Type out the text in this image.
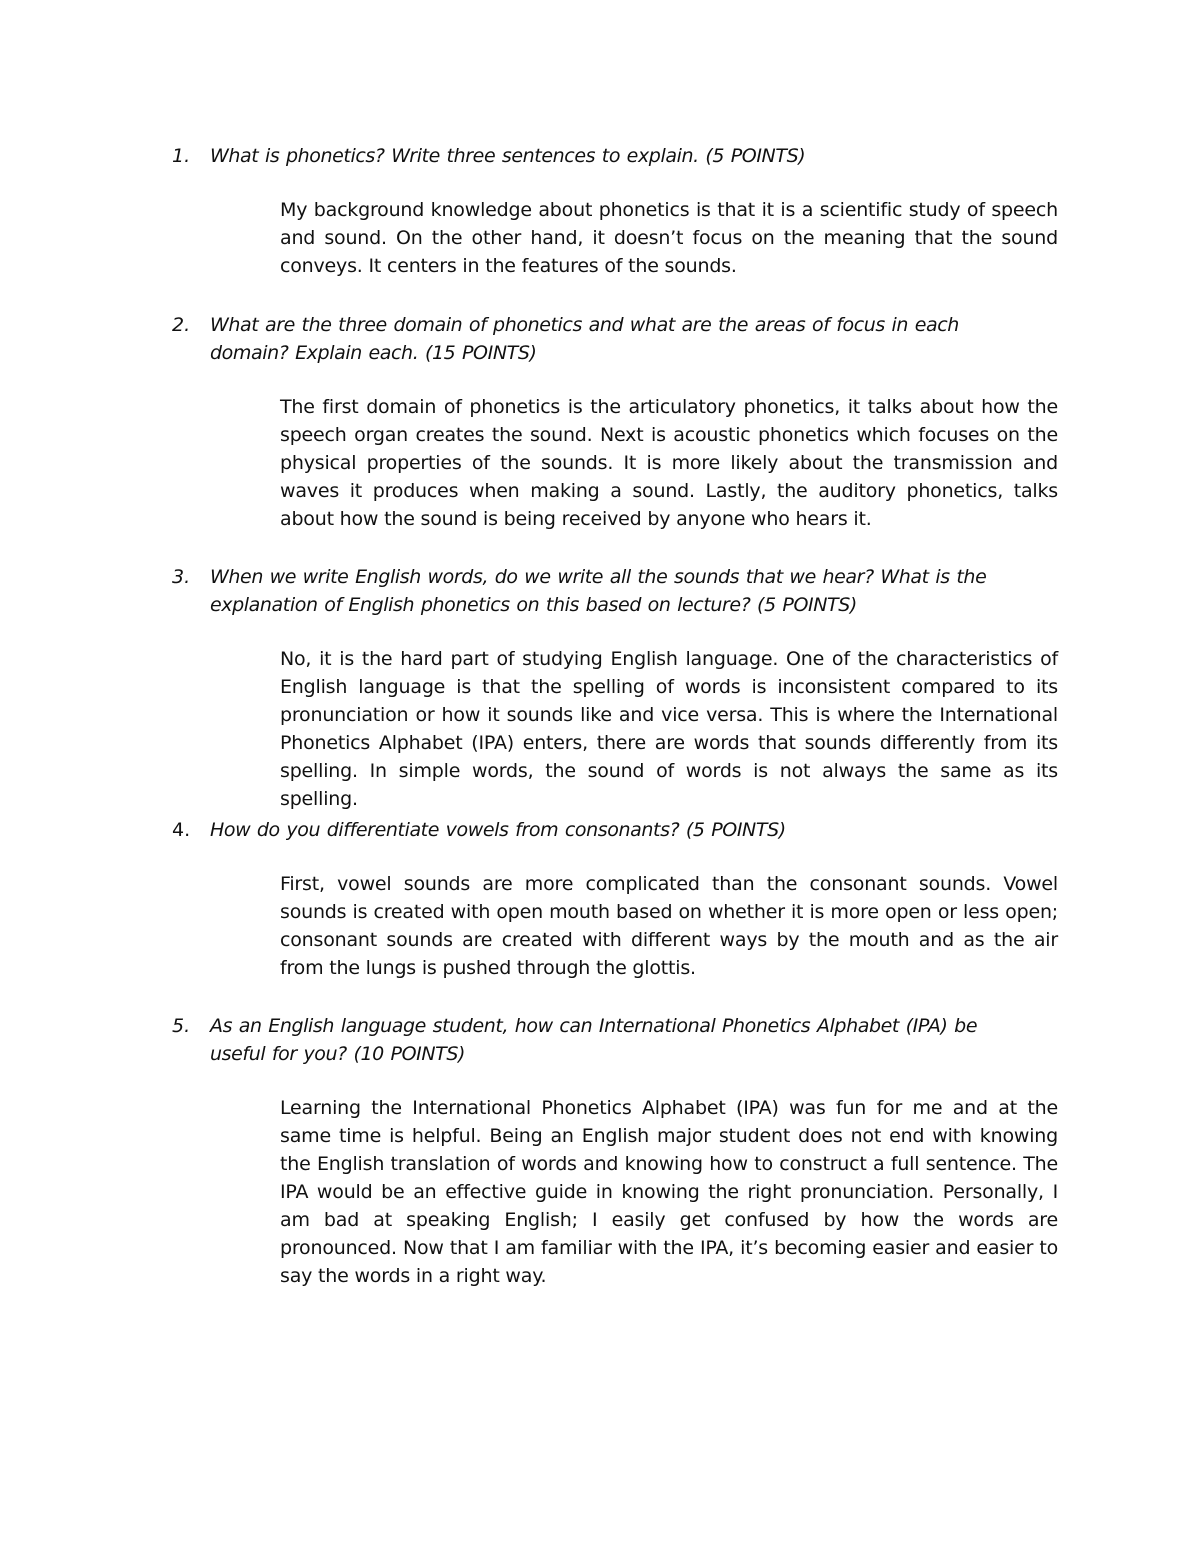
1.	What is phonetics? Write three sentences to explain. (5 POINTS)
My background knowledge about phonetics is that it is a scientific study of speech and sound. On the other hand, it doesn’t focus on the meaning that the sound conveys. It centers in the features of the sounds.
2.	What are the three domain of phonetics and what are the areas of focus in each domain? Explain each. (15 POINTS)
The first domain of phonetics is the articulatory phonetics, it talks about how the speech organ creates the sound. Next is acoustic phonetics which focuses on the physical properties of the sounds. It is more likely about the transmission and waves it produces when making a sound. Lastly, the auditory phonetics, talks about how the sound is being received by anyone who hears it.
3.	When we write English words, do we write all the sounds that we hear? What is the explanation of English phonetics on this based on lecture? (5 POINTS)
No, it is the hard part of studying English language. One of the characteristics of English language is that the spelling of words is inconsistent compared to its pronunciation or how it sounds like and vice versa. This is where the International Phonetics Alphabet (IPA) enters, there are words that sounds differently from its spelling. In simple words, the sound of words is not always the same as its spelling.
4.	How do you differentiate vowels from consonants? (5 POINTS)
First, vowel sounds are more complicated than the consonant sounds. Vowel sounds is created with open mouth based on whether it is more open or less open; consonant sounds are created with different ways by the mouth and as the air from the lungs is pushed through the glottis.
5.	As an English language student, how can International Phonetics Alphabet (IPA) be useful for you? (10 POINTS)
Learning the International Phonetics Alphabet (IPA) was fun for me and at the same time is helpful. Being an English major student does not end with knowing the English translation of words and knowing how to construct a full sentence. The IPA would be an effective guide in knowing the right pronunciation. Personally, I am bad at speaking English; I easily get confused by how the words are pronounced. Now that I am familiar with the IPA, it’s becoming easier and easier to say the words in a right way.
